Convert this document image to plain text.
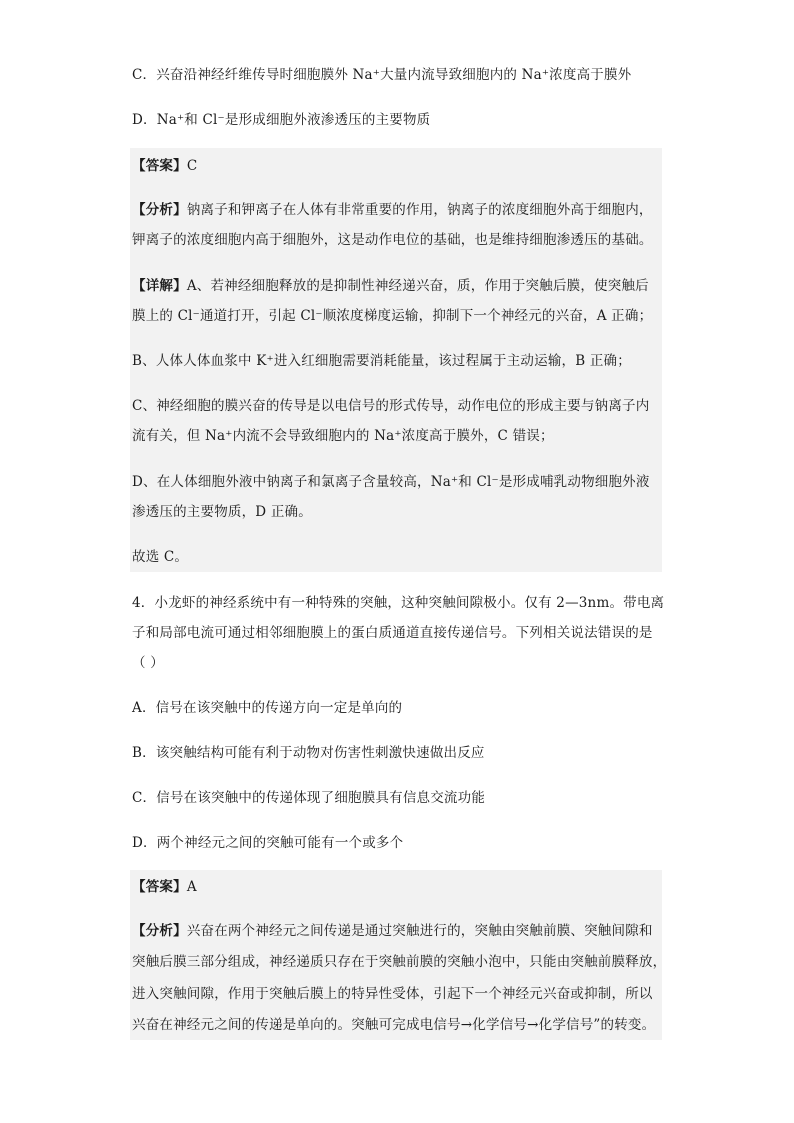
C．兴奋沿神经纤维传导时细胞膜外 Na⁺大量内流导致细胞内的 Na⁺浓度高于膜外
D．Na⁺和 Cl⁻是形成细胞外液渗透压的主要物质
【答案】C
【分析】钠离子和钾离子在人体有非常重要的作用，钠离子的浓度细胞外高于细胞内，
钾离子的浓度细胞内高于细胞外，这是动作电位的基础，也是维持细胞渗透压的基础。
【详解】A、若神经细胞释放的是抑制性神经递兴奋，质，作用于突触后膜，使突触后
膜上的 Cl⁻通道打开，引起 Cl⁻顺浓度梯度运输，抑制下一个神经元的兴奋，A 正确；
B、人体人体血浆中 K⁺进入红细胞需要消耗能量，该过程属于主动运输，B 正确；
C、神经细胞的膜兴奋的传导是以电信号的形式传导，动作电位的形成主要与钠离子内
流有关，但 Na⁺内流不会导致细胞内的 Na⁺浓度高于膜外，C 错误；
D、在人体细胞外液中钠离子和氯离子含量较高，Na⁺和 Cl⁻是形成哺乳动物细胞外液
渗透压的主要物质，D 正确。
故选 C。
4．小龙虾的神经系统中有一种特殊的突触，这种突触间隙极小。仅有 2—3nm。带电离
子和局部电流可通过相邻细胞膜上的蛋白质通道直接传递信号。下列相关说法错误的是
（ ）
A．信号在该突触中的传递方向一定是单向的
B．该突触结构可能有利于动物对伤害性刺激快速做出反应
C．信号在该突触中的传递体现了细胞膜具有信息交流功能
D．两个神经元之间的突触可能有一个或多个
【答案】A
【分析】兴奋在两个神经元之间传递是通过突触进行的，突触由突触前膜、突触间隙和
突触后膜三部分组成，神经递质只存在于突触前膜的突触小泡中，只能由突触前膜释放，
进入突触间隙，作用于突触后膜上的特异性受体，引起下一个神经元兴奋或抑制，所以
兴奋在神经元之间的传递是单向的。突触可完成电信号→化学信号→化学信号”的转变。
